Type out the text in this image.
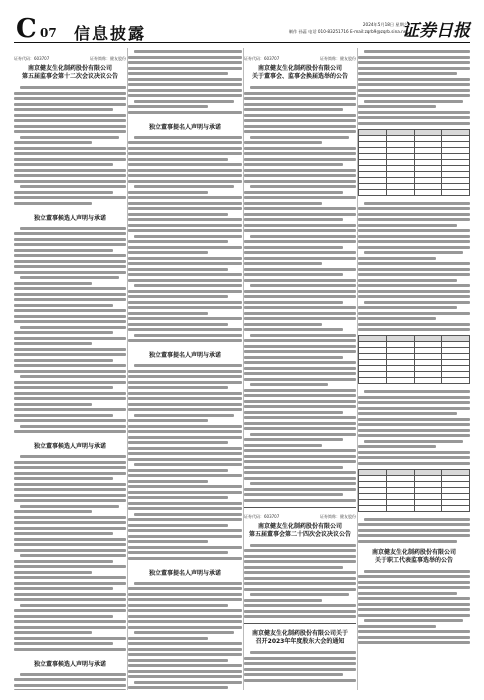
C 07 信息披露	2024年5月18日 星期六
制作 孙蕊 电话 010-83251716 E-mail:zqrb9@zqrb.sina.net
证券日报
证券代码：603707	证券简称：健友股份
南京健友生化制药股份有限公司
第五届监事会第十二次会议决议公告
独立董事候选人声明与承诺
独立董事候选人声明与承诺
独立董事候选人声明与承诺
独立董事提名人声明与承诺
独立董事提名人声明与承诺
独立董事提名人声明与承诺
证券代码：603707	证券简称：健友股份
南京健友生化制药股份有限公司
关于董事会、监事会换届选举的公告
证券代码：603707	证券简称：健友股份
南京健友生化制药股份有限公司
第五届董事会第二十四次会议决议公告
南京健友生化制药股份有限公司关于
召开2023年年度股东大会的通知

南京健友生化制药股份有限公司
关于职工代表监事选举的公告
